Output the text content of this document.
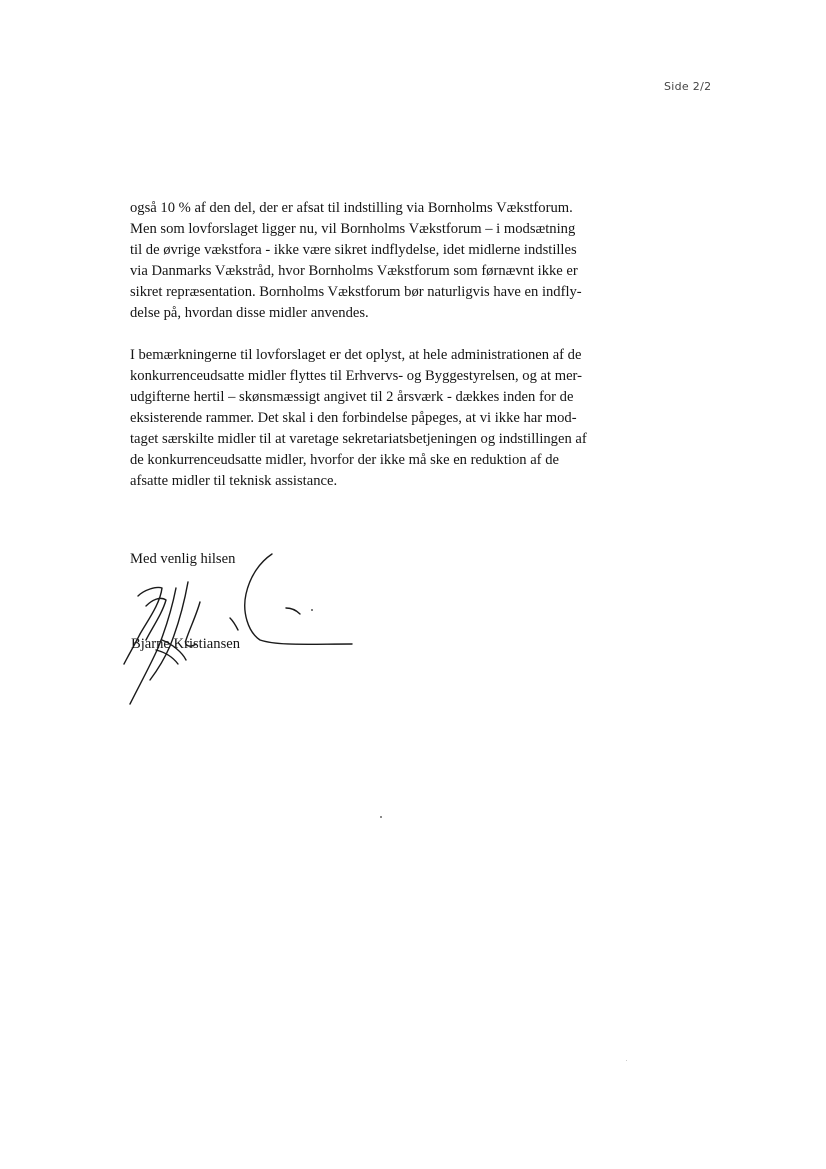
Side 2/2
også 10 % af den del, der er afsat til indstilling via Bornholms Vækstforum.
Men som lovforslaget ligger nu, vil Bornholms Vækstforum – i modsætning
til de øvrige vækstfora - ikke være sikret indflydelse, idet midlerne indstilles
via Danmarks Vækstråd, hvor Bornholms Vækstforum som førnævnt ikke er
sikret repræsentation. Bornholms Vækstforum bør naturligvis have en indfly-
delse på, hvordan disse midler anvendes.
I bemærkningerne til lovforslaget er det oplyst, at hele administrationen af de
konkurrenceudsatte midler flyttes til Erhvervs- og Byggestyrelsen, og at mer-
udgifterne hertil – skønsmæssigt angivet til 2 årsværk - dækkes inden for de
eksisterende rammer. Det skal i den forbindelse påpeges, at vi ikke har mod-
taget særskilte midler til at varetage sekretariatsbetjeningen og indstillingen af
de konkurrenceudsatte midler, hvorfor der ikke må ske en reduktion af de
afsatte midler til teknisk assistance.
Med venlig hilsen
Bjarne Kristiansen
